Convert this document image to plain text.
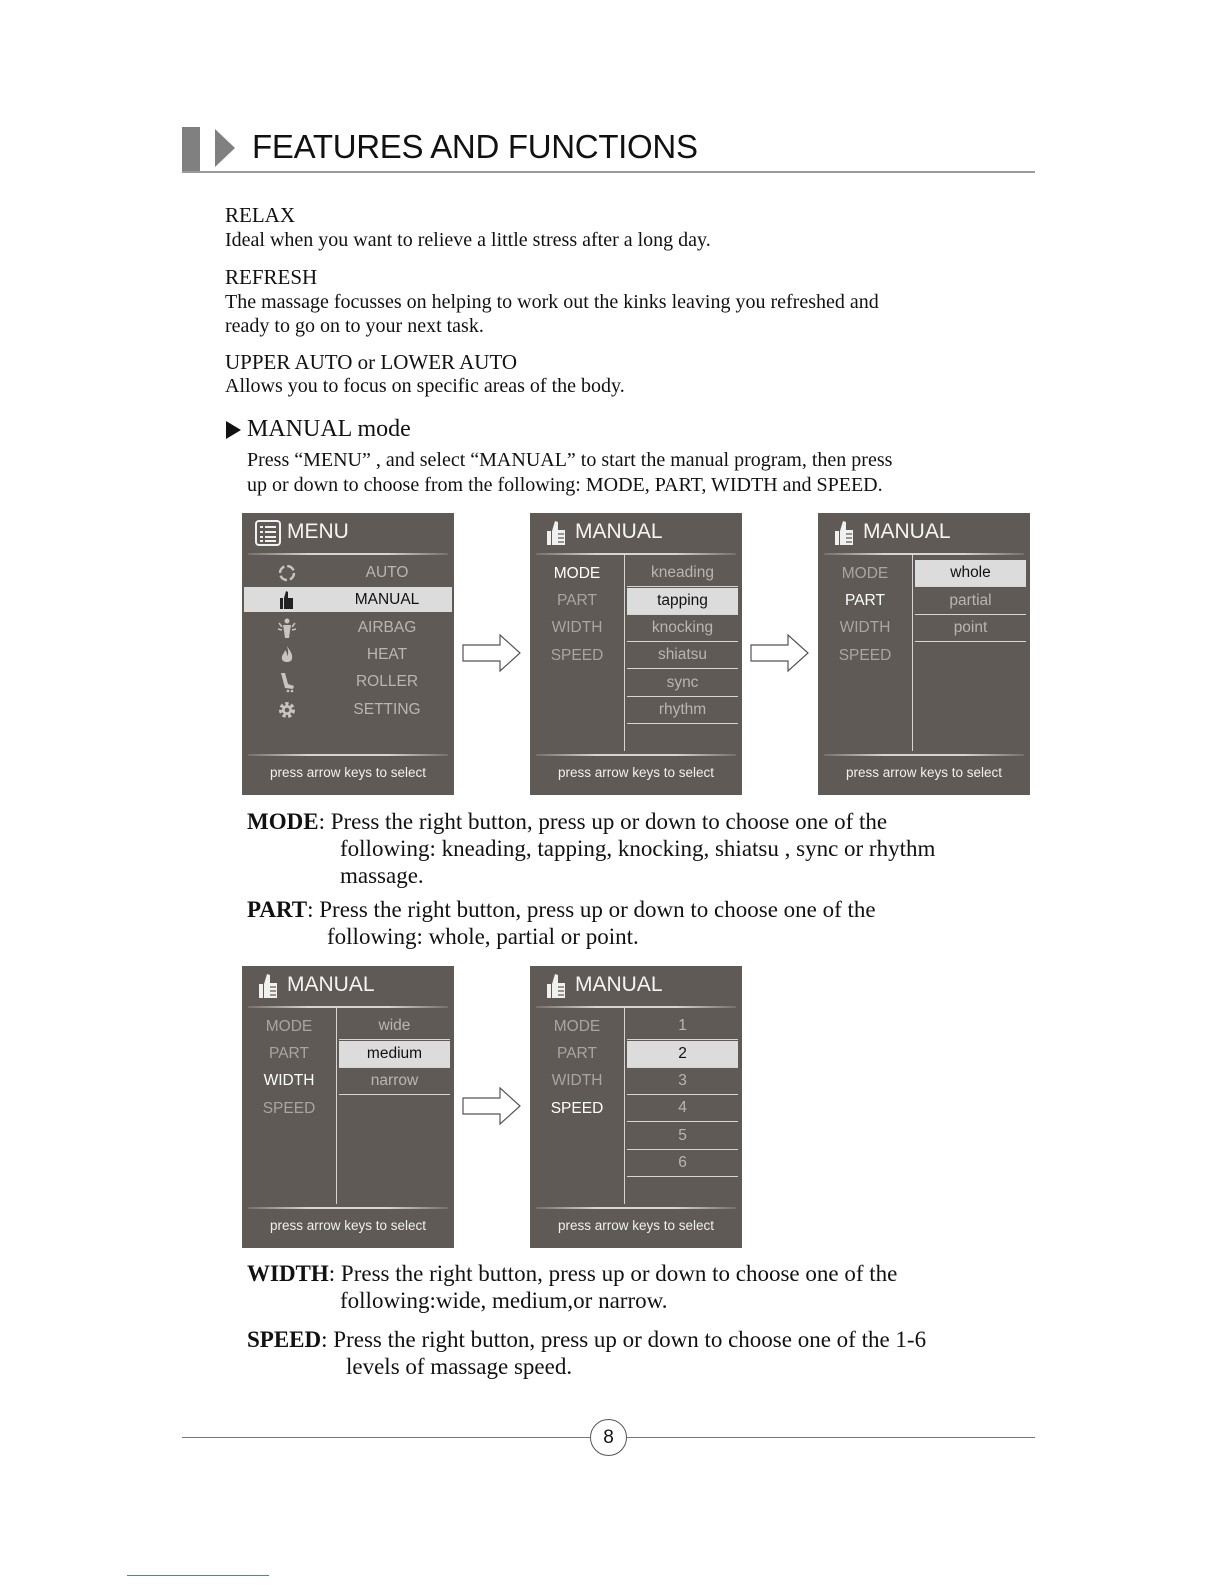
FEATURES AND FUNCTIONS
RELAX
Ideal when you want to relieve a little stress after a long day.
REFRESH
The massage focusses on helping to work out the kinks leaving you refreshed and
ready to go on to your next task.
UPPER AUTO or LOWER AUTO
Allows you to focus on specific areas of the body.
MANUAL mode
Press “MENU” , and select “MANUAL” to start the manual program, then press
up or down to choose from the following: MODE, PART, WIDTH and SPEED.
MENU
AUTO
MANUAL
AIRBAG
HEAT
ROLLER
SETTING
press arrow keys to select
MANUAL
MODE
PART
WIDTH
SPEED
kneading
tapping
knocking
shiatsu
sync
rhythm
press arrow keys to select
MANUAL
MODE
PART
WIDTH
SPEED
whole
partial
point
press arrow keys to select
MODE: Press the right button, press up or down to choose one of the
following: kneading, tapping, knocking, shiatsu , sync or rhythm
massage.
PART: Press the right button, press up or down to choose one of the
following: whole, partial or point.
MANUAL
MODE
PART
WIDTH
SPEED
wide
medium
narrow
press arrow keys to select
MANUAL
MODE
PART
WIDTH
SPEED
1
2
3
4
5
6
press arrow keys to select
WIDTH: Press the right button, press up or down to choose one of the
following:wide, medium,or narrow.
SPEED: Press the right button, press up or down to choose one of the 1-6
levels of massage speed.
8
